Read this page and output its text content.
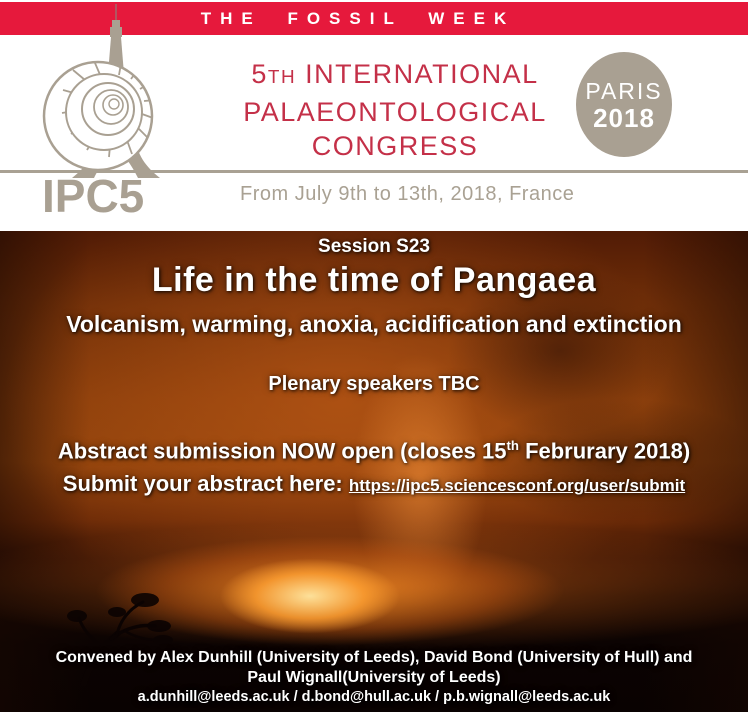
THE FOSSIL WEEK
IPC5
5TH INTERNATIONAL
PALAEONTOLOGICAL
CONGRESS
From July 9th to 13th, 2018, France
PARIS
2018
Session S23
Life in the time of Pangaea
Volcanism, warming, anoxia, acidification and extinction
Plenary speakers TBC
Abstract submission NOW open (closes 15th Februrary 2018)
Submit your abstract here: https://ipc5.sciencesconf.org/user/submit
Convened by Alex Dunhill (University of Leeds), David Bond (University of Hull) and Paul Wignall(University of Leeds)
a.dunhill@leeds.ac.uk / d.bond@hull.ac.uk / p.b.wignall@leeds.ac.uk
